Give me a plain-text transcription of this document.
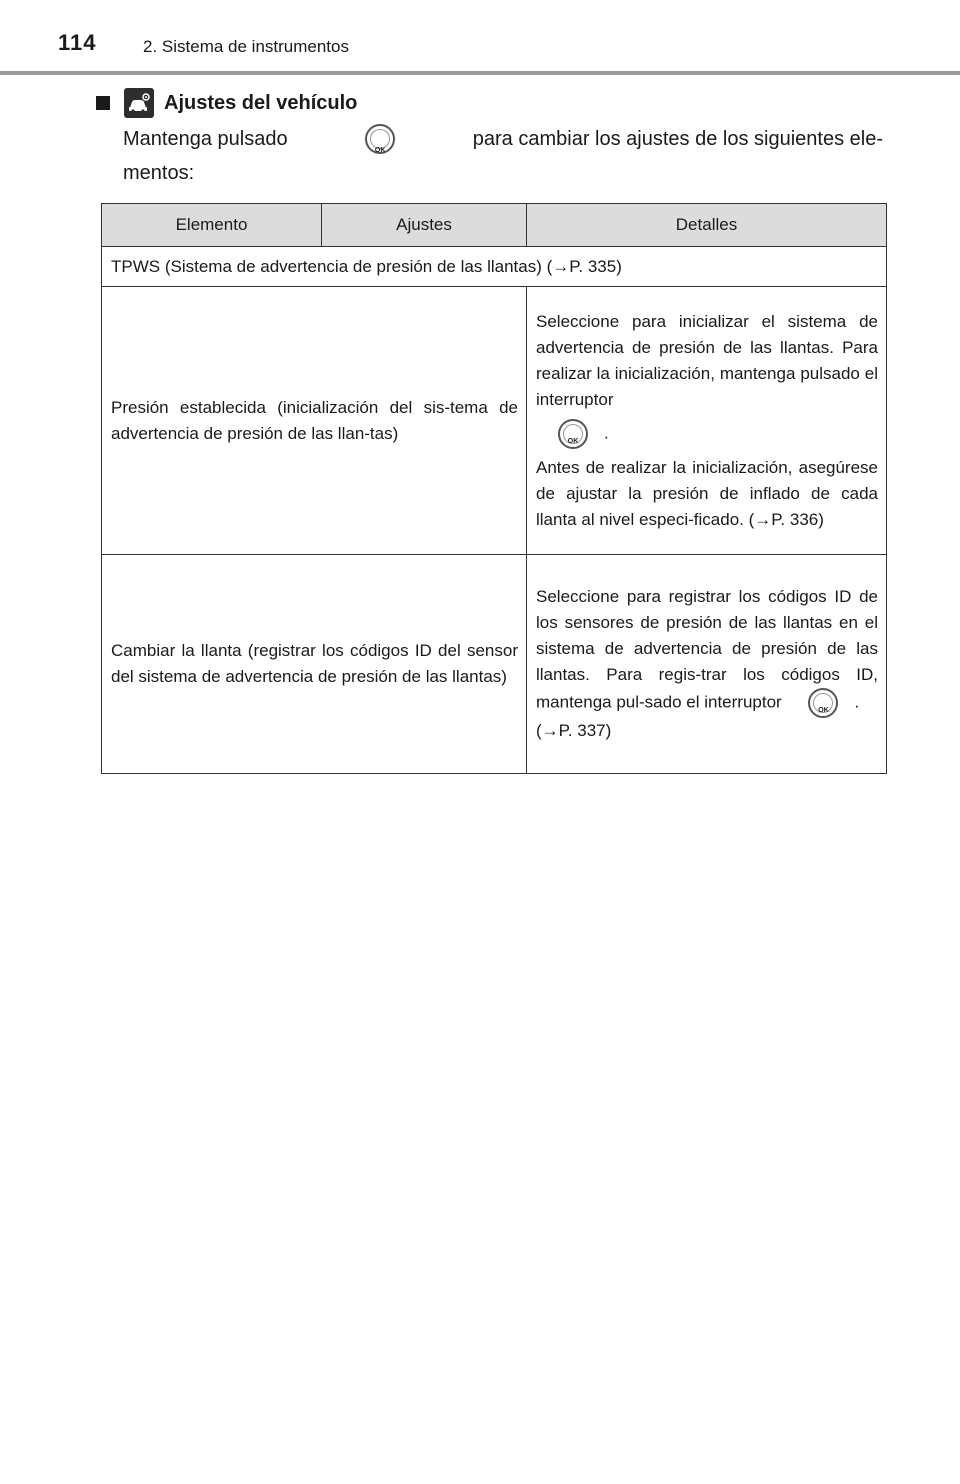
114	2. Sistema de instrumentos
Ajustes del vehículo
Mantenga pulsado
OK
para cambiar los ajustes de los siguientes ele-
mentos:
Elemento	Ajustes	Detalles
TPWS (Sistema de advertencia de presión de las llantas) (→P. 335)		
Presión establecida (inicialización del sis-tema de advertencia de presión de las llan-tas)		Seleccione para inicializar el sistema de advertencia de presión de las llantas. Para realizar la inicialización, mantenga pulsado el interruptor
OK .
Antes de realizar la inicialización, asegúrese de ajustar la presión de inflado de cada llanta al nivel especi-ficado. (→P. 336)
Cambiar la llanta (registrar los códigos ID del sensor del sistema de advertencia de presión de las llantas)		Seleccione para registrar los códigos ID de los sensores de presión de las llantas en el sistema de advertencia de presión de las llantas. Para regis-trar los códigos ID, mantenga pul-sado el interruptor OK .
(→P. 337)
